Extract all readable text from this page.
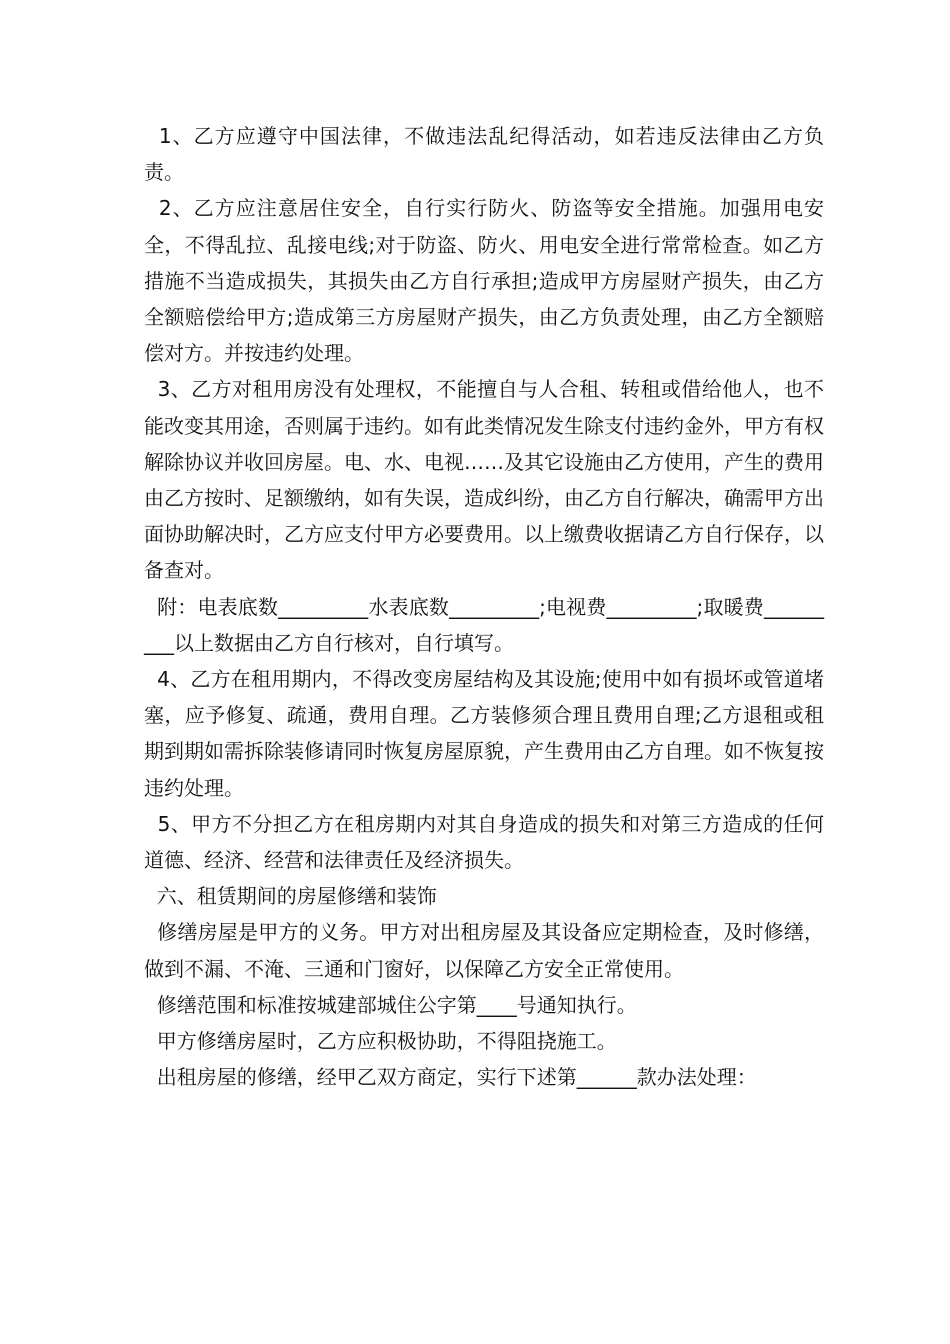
1、乙方应遵守中国法律，不做违法乱纪得活动，如若违反法律由乙方负责。

2、乙方应注意居住安全，自行实行防火、防盗等安全措施。加强用电安全，不得乱拉、乱接电线;对于防盗、防火、用电安全进行常常检查。如乙方措施不当造成损失，其损失由乙方自行承担;造成甲方房屋财产损失，由乙方全额赔偿给甲方;造成第三方房屋财产损失，由乙方负责处理，由乙方全额赔偿对方。并按违约处理。

3、乙方对租用房没有处理权，不能擅自与人合租、转租或借给他人，也不能改变其用途，否则属于违约。如有此类情况发生除支付违约金外，甲方有权解除协议并收回房屋。电、水、电视……及其它设施由乙方使用，产生的费用由乙方按时、足额缴纳，如有失误，造成纠纷，由乙方自行解决，确需甲方出面协助解决时，乙方应支付甲方必要费用。以上缴费收据请乙方自行保存，以备查对。

附：电表底数_________水表底数_________;电视费_________;取暖费_________以上数据由乙方自行核对，自行填写。

4、乙方在租用期内，不得改变房屋结构及其设施;使用中如有损坏或管道堵塞，应予修复、疏通，费用自理。乙方装修须合理且费用自理;乙方退租或租期到期如需拆除装修请同时恢复房屋原貌，产生费用由乙方自理。如不恢复按违约处理。

5、甲方不分担乙方在租房期内对其自身造成的损失和对第三方造成的任何道德、经济、经营和法律责任及经济损失。

六、租赁期间的房屋修缮和装饰

修缮房屋是甲方的义务。甲方对出租房屋及其设备应定期检查，及时修缮，做到不漏、不淹、三通和门窗好，以保障乙方安全正常使用。

修缮范围和标准按城建部城住公字第____号通知执行。

甲方修缮房屋时，乙方应积极协助，不得阻挠施工。

出租房屋的修缮，经甲乙双方商定，实行下述第______款办法处理：
